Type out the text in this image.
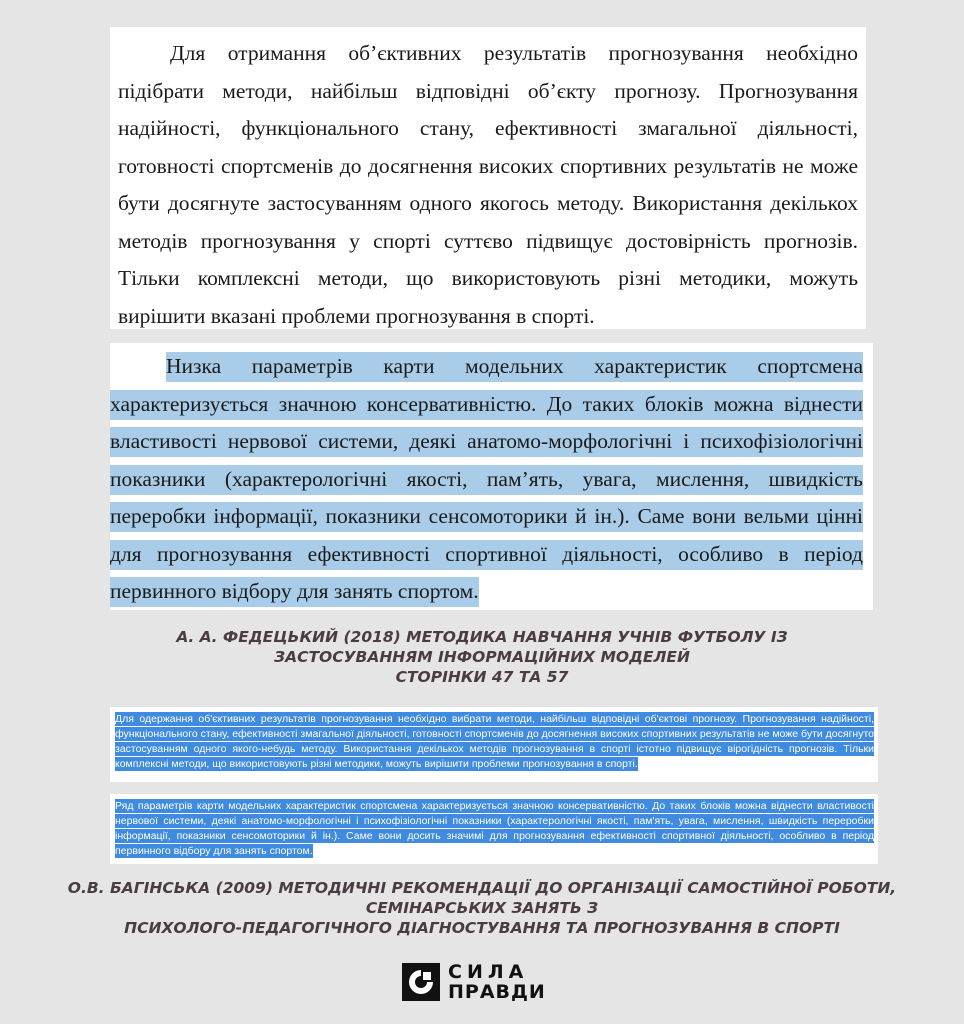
Для отримання об’єктивних результатів прогнозування необхідно підібрати методи, найбільш відповідні об’єкту прогнозу. Прогнозування надійності, функціонального стану, ефективності змагальної діяльності, готовності спортсменів до досягнення високих спортивних результатів не може бути досягнуте застосуванням одного якогось методу. Використання декількох методів прогнозування у спорті суттєво підвищує достовірність прогнозів. Тільки комплексні методи, що використовують різні методики, можуть вирішити вказані проблеми прогнозування в спорті.

Низка параметрів карти модельних характеристик спортсмена характеризується значною консервативністю. До таких блоків можна віднести властивості нервової системи, деякі анатомо-морфологічні і психофізіологічні показники (характерологічні якості, пам’ять, увага, мислення, швидкість переробки інформації, показники сенсомоторики й ін.). Саме вони вельми цінні для прогнозування ефективності спортивної діяльності, особливо в період первинного відбору для занять спортом.

А. А. ФЕДЕЦЬКИЙ (2018) МЕТОДИКА НАВЧАННЯ УЧНІВ ФУТБОЛУ ІЗ

ЗАСТОСУВАННЯМ ІНФОРМАЦІЙНИХ МОДЕЛЕЙ

СТОРІНКИ 47 ТА 57

Для одержання об'єктивних результатів прогнозування необхідно вибрати методи, найбільш відповідні об'єктові прогнозу. Прогнозування надійності, функціонального стану, ефективності змагальної діяльності, готовності спортсменів до досягнення високих спортивних результатів не може бути досягнуто застосуванням одного якого-небудь методу. Використання декількох методів прогнозування в спорті істотно підвищує вірогідність прогнозів. Тільки комплексні методи, що використовують різні методики, можуть вирішити проблеми прогнозування в спорті.

Ряд параметрів карти модельних характеристик спортсмена характеризується значною консервативністю. До таких блоків можна віднести властивості нервової системи, деякі анатомо-морфологічні і психофізіологічні показники (характерологічні якості, пам'ять, увага, мислення, швидкість переробки інформації, показники сенсомоторики й ін.). Саме вони досить значимі для прогнозування ефективності спортивної діяльності, особливо в період первинного відбору для занять спортом.

О.В. БАГІНСЬКА (2009) МЕТОДИЧНІ РЕКОМЕНДАЦІЇ ДО ОРГАНІЗАЦІЇ САМОСТІЙНОЇ РОБОТИ,

СЕМІНАРСЬКИХ ЗАНЯТЬ З

ПСИХОЛОГО-ПЕДАГОГІЧНОГО ДІАГНОСТУВАННЯ ТА ПРОГНОЗУВАННЯ В СПОРТІ

СИЛА
ПРАВДИ
